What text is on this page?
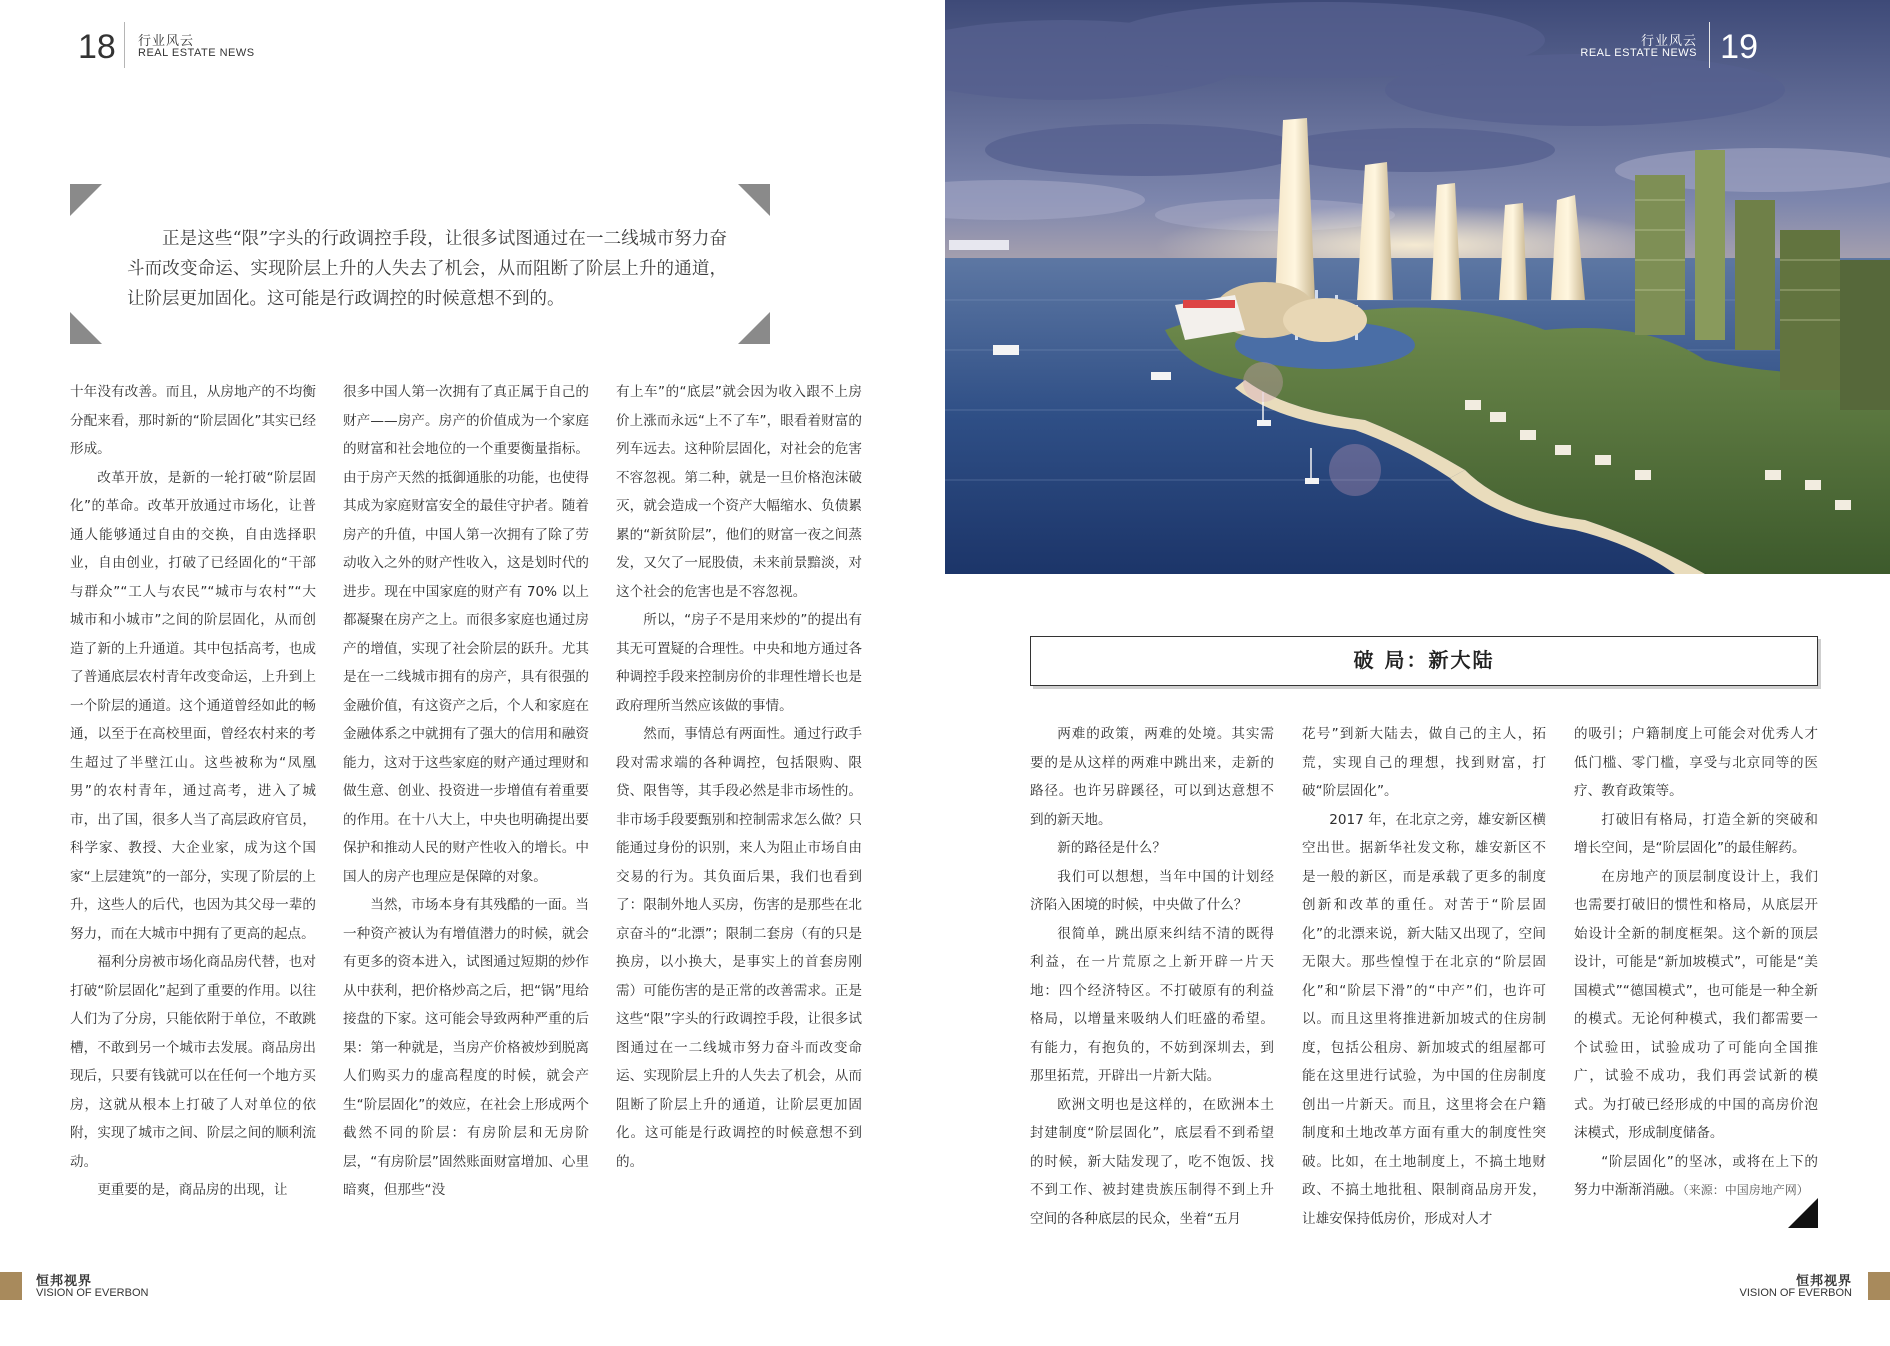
18 行业风云
REAL ESTATE NEWS
正是这些“限”字头的行政调控手段，让很多试图通过在一二线城市努力奋斗而改变命运、实现阶层上升的人失去了机会，从而阻断了阶层上升的通道，让阶层更加固化。这可能是行政调控的时候意想不到的。

十年没有改善。而且，从房地产的不均衡分配来看，那时新的“阶层固化”其实已经形成。

改革开放，是新的一轮打破“阶层固化”的革命。改革开放通过市场化，让普通人能够通过自由的交换，自由选择职业，自由创业，打破了已经固化的“干部与群众”“工人与农民”“城市与农村”“大城市和小城市”之间的阶层固化，从而创造了新的上升通道。其中包括高考，也成了普通底层农村青年改变命运，上升到上一个阶层的通道。这个通道曾经如此的畅通，以至于在高校里面，曾经农村来的考生超过了半壁江山。这些被称为“凤凰男”的农村青年，通过高考，进入了城市，出了国，很多人当了高层政府官员，科学家、教授、大企业家，成为这个国家“上层建筑”的一部分，实现了阶层的上升，这些人的后代，也因为其父母一辈的努力，而在大城市中拥有了更高的起点。

福利分房被市场化商品房代替，也对打破“阶层固化”起到了重要的作用。以往人们为了分房，只能依附于单位，不敢跳槽，不敢到另一个城市去发展。商品房出现后，只要有钱就可以在任何一个地方买房，这就从根本上打破了人对单位的依附，实现了城市之间、阶层之间的顺利流动。

更重要的是，商品房的出现，让

很多中国人第一次拥有了真正属于自己的财产——房产。房产的价值成为一个家庭的财富和社会地位的一个重要衡量指标。由于房产天然的抵御通胀的功能，也使得其成为家庭财富安全的最佳守护者。随着房产的升值，中国人第一次拥有了除了劳动收入之外的财产性收入，这是划时代的进步。现在中国家庭的财产有 70% 以上都凝聚在房产之上。而很多家庭也通过房产的增值，实现了社会阶层的跃升。尤其是在一二线城市拥有的房产，具有很强的金融价值，有这资产之后，个人和家庭在金融体系之中就拥有了强大的信用和融资能力，这对于这些家庭的财产通过理财和做生意、创业、投资进一步增值有着重要的作用。在十八大上，中央也明确提出要保护和推动人民的财产性收入的增长。中国人的房产也理应是保障的对象。

当然，市场本身有其残酷的一面。当一种资产被认为有增值潜力的时候，就会有更多的资本进入，试图通过短期的炒作从中获利，把价格炒高之后，把“锅”甩给接盘的下家。这可能会导致两种严重的后果：第一种就是，当房产价格被炒到脱离人们购买力的虚高程度的时候，就会产生“阶层固化”的效应，在社会上形成两个截然不同的阶层：有房阶层和无房阶层，“有房阶层”固然账面财富增加、心里暗爽，但那些“没

有上车”的“底层”就会因为收入跟不上房价上涨而永远“上不了车”，眼看着财富的列车远去。这种阶层固化，对社会的危害不容忽视。第二种，就是一旦价格泡沫破灭，就会造成一个资产大幅缩水、负债累累的“新贫阶层”，他们的财富一夜之间蒸发，又欠了一屁股债，未来前景黯淡，对这个社会的危害也是不容忽视。

所以，“房子不是用来炒的”的提出有其无可置疑的合理性。中央和地方通过各种调控手段来控制房价的非理性增长也是政府理所当然应该做的事情。

然而，事情总有两面性。通过行政手段对需求端的各种调控，包括限购、限贷、限售等，其手段必然是非市场性的。非市场手段要甄别和控制需求怎么做？只能通过身份的识别，来人为阻止市场自由交易的行为。其负面后果，我们也看到了：限制外地人买房，伤害的是那些在北京奋斗的“北漂”；限制二套房（有的只是换房，以小换大，是事实上的首套房刚需）可能伤害的是正常的改善需求。正是这些“限”字头的行政调控手段，让很多试图通过在一二线城市努力奋斗而改变命运、实现阶层上升的人失去了机会，从而阻断了阶层上升的通道，让阶层更加固化。这可能是行政调控的时候意想不到的。

恒邦视界
VISION OF EVERBON
行业风云
REAL ESTATE NEWS 19
破 局：新大陆

两难的政策，两难的处境。其实需要的是从这样的两难中跳出来，走新的路径。也许另辟蹊径，可以到达意想不到的新天地。

新的路径是什么？

我们可以想想，当年中国的计划经济陷入困境的时候，中央做了什么？

很简单，跳出原来纠结不清的既得利益，在一片荒原之上新开辟一片天地：四个经济特区。不打破原有的利益格局，以增量来吸纳人们旺盛的希望。有能力，有抱负的，不妨到深圳去，到那里拓荒，开辟出一片新大陆。

欧洲文明也是这样的，在欧洲本土封建制度“阶层固化”，底层看不到希望的时候，新大陆发现了，吃不饱饭、找不到工作、被封建贵族压制得不到上升空间的各种底层的民众，坐着“五月

花号”到新大陆去，做自己的主人，拓荒，实现自己的理想，找到财富，打破“阶层固化”。

2017 年，在北京之旁，雄安新区横空出世。据新华社发文称，雄安新区不是一般的新区，而是承载了更多的制度创新和改革的重任。对苦于“阶层固化”的北漂来说，新大陆又出现了，空间无限大。那些惶惶于在北京的“阶层固化”和“阶层下滑”的“中产”们，也许可以。而且这里将推进新加坡式的住房制度，包括公租房、新加坡式的组屋都可能在这里进行试验，为中国的住房制度创出一片新天。而且，这里将会在户籍制度和土地改革方面有重大的制度性突破。比如，在土地制度上，不搞土地财政、不搞土地批租、限制商品房开发，让雄安保持低房价，形成对人才

的吸引；户籍制度上可能会对优秀人才低门槛、零门槛，享受与北京同等的医疗、教育政策等。

打破旧有格局，打造全新的突破和增长空间，是“阶层固化”的最佳解药。

在房地产的顶层制度设计上，我们也需要打破旧的惯性和格局，从底层开始设计全新的制度框架。这个新的顶层设计，可能是“新加坡模式”，可能是“美国模式”“德国模式”，也可能是一种全新的模式。无论何种模式，我们都需要一个试验田，试验成功了可能向全国推广，试验不成功，我们再尝试新的模式。为打破已经形成的中国的高房价泡沫模式，形成制度储备。

“阶层固化”的坚冰，或将在上下的努力中渐渐消融。（来源：中国房地产网）

恒邦视界
VISION OF EVERBON
